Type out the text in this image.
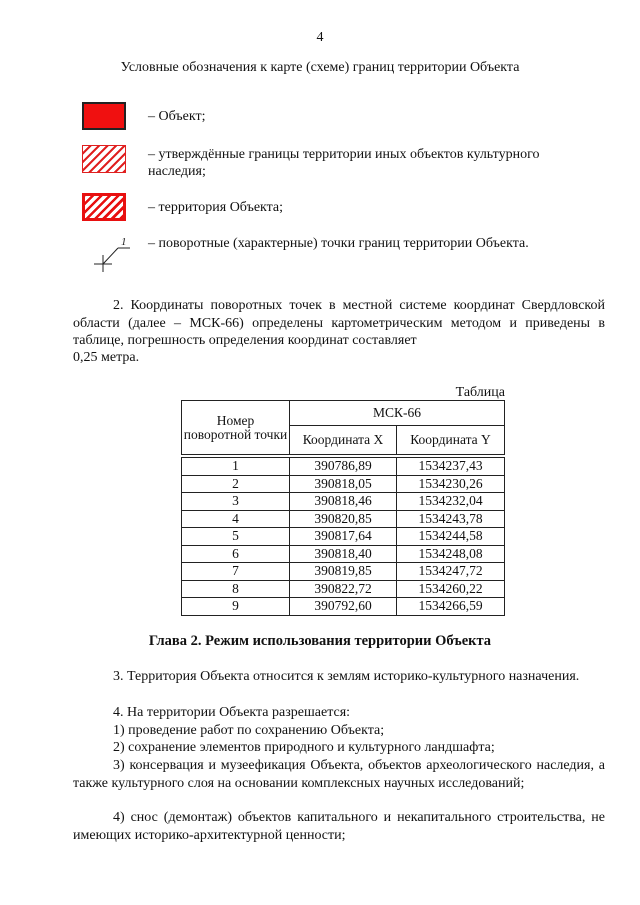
4
Условные обозначения к карте (схеме) границ территории Объекта
– Объект;
– утверждённые границы территории иных объектов культурного наследия;
– территория Объекта;
1 – поворотные (характерные) точки границ территории Объекта.
2. Координаты поворотных точек в местной системе координат Свердловской области (далее – МСК-66) определены картометрическим методом и приведены в таблице, погрешность определения координат составляет
0,25 метра.
Таблица
Номер поворотной точки	МСК-66	
	Координата X	Координата Y

1	390786,89	1534237,43
2	390818,05	1534230,26
3	390818,46	1534232,04
4	390820,85	1534243,78
5	390817,64	1534244,58
6	390818,40	1534248,08
7	390819,85	1534247,72
8	390822,72	1534260,22
9	390792,60	1534266,59
Глава 2. Режим использования территории Объекта
3. Территория Объекта относится к землям историко-культурного назначения.
4. На территории Объекта разрешается:
1) проведение работ по сохранению Объекта;
2) сохранение элементов природного и культурного ландшафта;
3) консервация и музеефикация Объекта, объектов археологического наследия, а также культурного слоя на основании комплексных научных исследований;
4) снос (демонтаж) объектов капитального и некапитального строительства, не имеющих историко-архитектурной ценности;
